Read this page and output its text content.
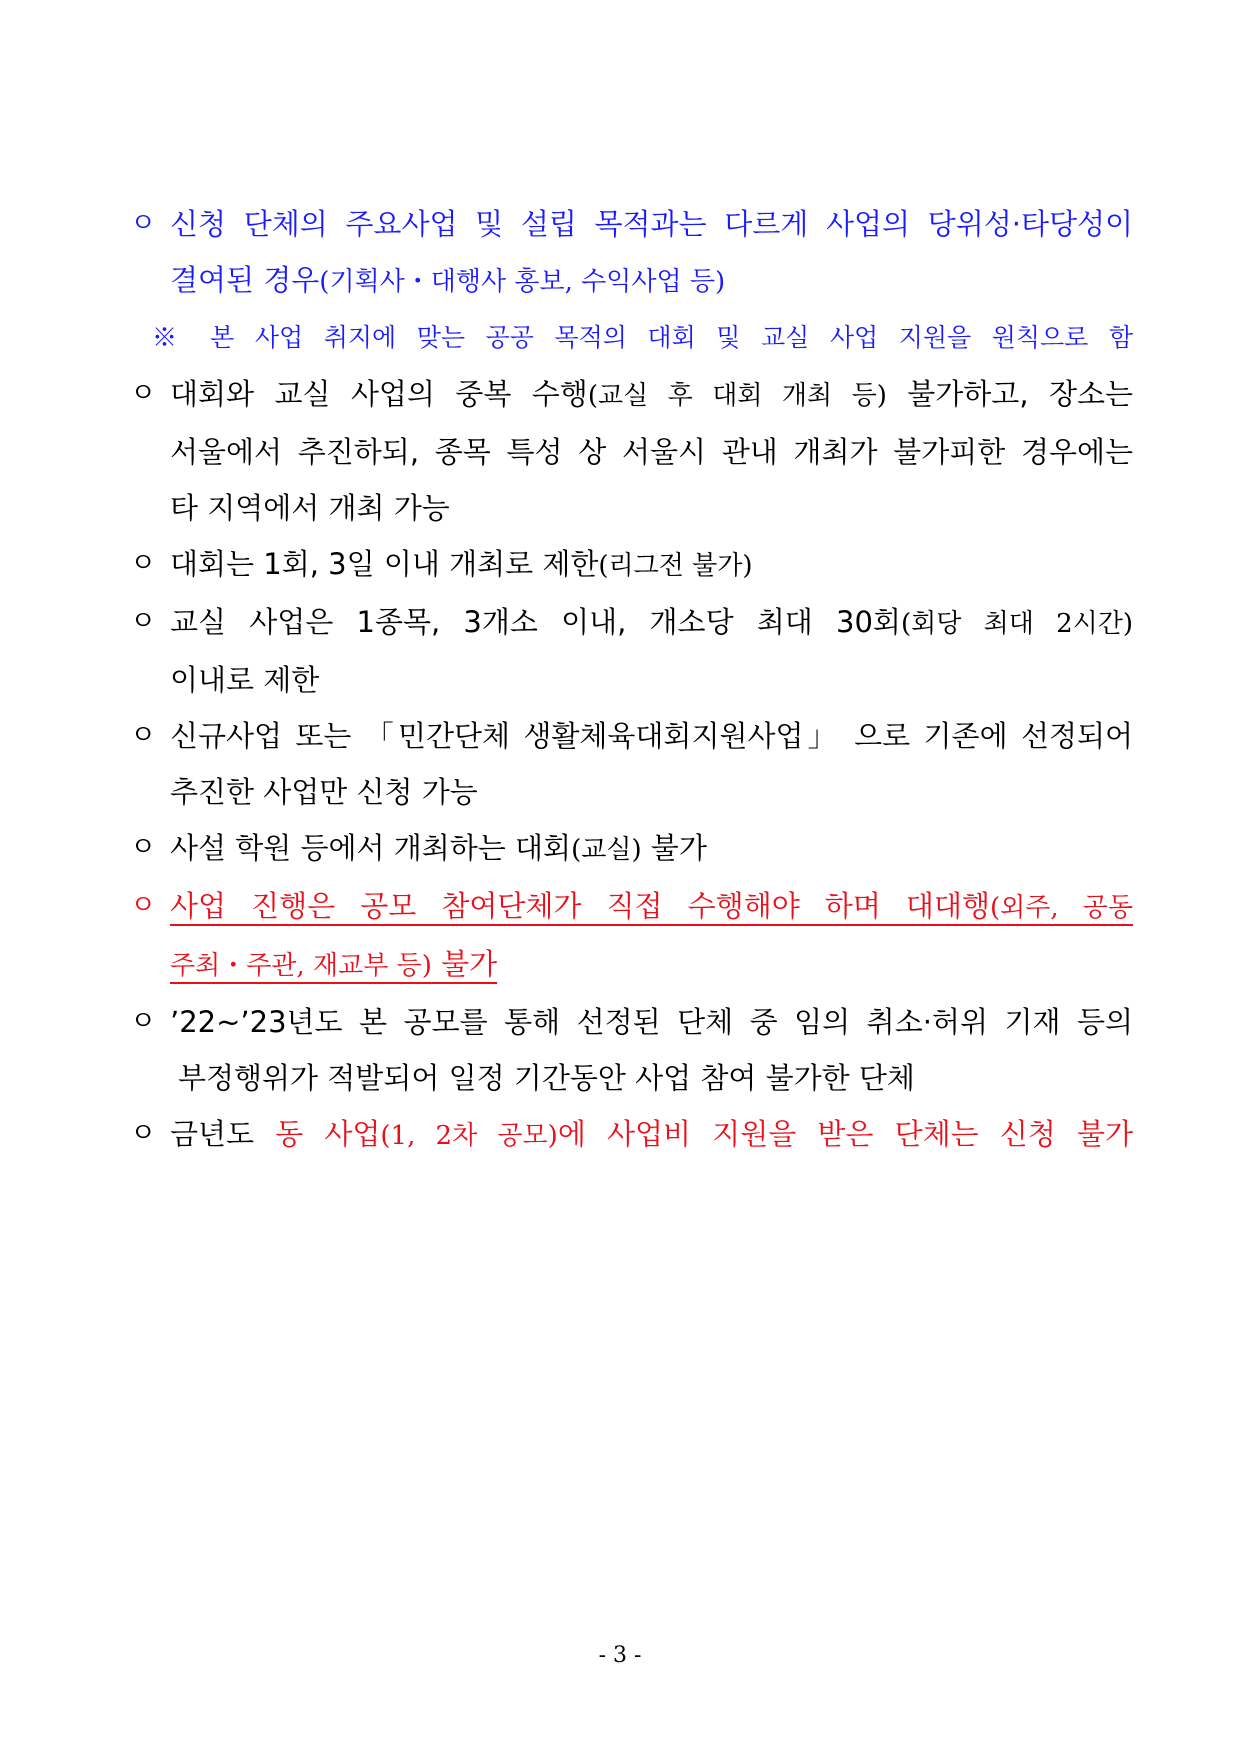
ㅇ 신청 단체의 주요사업 및 설립 목적과는 다르게 사업의 당위성·타당성이
결여된 경우(기획사・대행사 홍보, 수익사업 등)
※ 본 사업 취지에 맞는 공공 목적의 대회 및 교실 사업 지원을 원칙으로 함
ㅇ 대회와 교실 사업의 중복 수행(교실 후 대회 개최 등) 불가하고, 장소는
서울에서 추진하되, 종목 특성 상 서울시 관내 개최가 불가피한 경우에는
타 지역에서 개최 가능
ㅇ 대회는 1회, 3일 이내 개최로 제한(리그전 불가)
ㅇ 교실 사업은 1종목, 3개소 이내, 개소당 최대 30회(회당 최대 2시간)
이내로 제한
ㅇ 신규사업 또는 「민간단체 생활체육대회지원사업」 으로 기존에 선정되어
추진한 사업만 신청 가능
ㅇ 사설 학원 등에서 개최하는 대회(교실) 불가
ㅇ 사업 진행은 공모 참여단체가 직접 수행해야 하며 대대행(외주, 공동
주최・주관, 재교부 등) 불가
ㅇ ’22~’23년도 본 공모를 통해 선정된 단체 중 임의 취소·허위 기재 등의
부정행위가 적발되어 일정 기간동안 사업 참여 불가한 단체
ㅇ 금년도 동 사업(1, 2차 공모)에 사업비 지원을 받은 단체는 신청 불가
- 3 -
